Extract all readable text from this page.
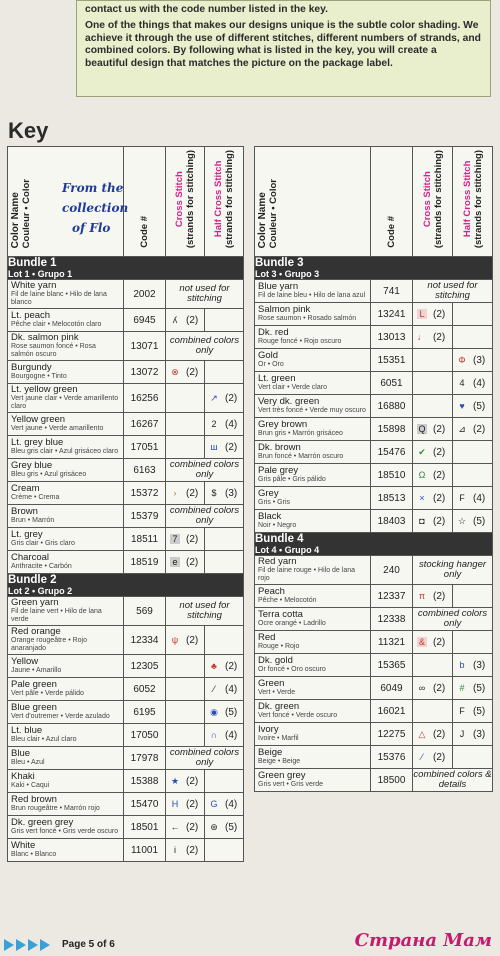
contact us with the code number listed in the key.

One of the things that makes our designs unique is the subtle color shading. We achieve it through the use of different stitches, different numbers of strands, and combined colors. By following what is listed in the key, you will create a beautiful design that matches the picture on the package label.

Key
Color Name
Couleur • Color	Code #	Cross Stitch
(strands for stitching)	Half Cross Stitch
(strands for stitching)
Bundle 1
Lot 1 • Grupo 1			

White yarn
Fil de laine blanc • Hilo de lana blanco	2002	not used for stitching	
Lt. peach
Pêche clair • Melocotón claro	6945	ʎ (2)	
Dk. salmon pink
Rose saumon foncé • Rosa salmón oscuro	13071	combined colors only	
Burgundy
Bourgogne • Tinto	13072	⊗ (2)	
Lt. yellow green
Vert jaune clair • Verde amarillento claro	16256		↗ (2)
Yellow green
Vert jaune • Verde amarillento	16267		2 (4)
Lt. grey blue
Bleu gris clair • Azul grisáceo claro	17051		ш (2)
Grey blue
Bleu gris • Azul grisáceo	6163	combined colors only	
Cream
Crème • Crema	15372	› (2)	$ (3)
Brown
Brun • Marrón	15379	combined colors only	
Lt. grey
Gris clair • Gris claro	18511	7 (2)	
Charcoal
Anthracite • Carbón	18519	e (2)	
Bundle 2
Lot 2 • Grupo 2			

Green yarn
Fil de laine vert • Hilo de lana verde	569	not used for stitching	
Red orange
Orange rougeâtre • Rojo anaranjado	12334	ψ (2)	
Yellow
Jaune • Amarillo	12305		♣ (2)
Pale green
Vert pâle • Verde pálido	6052		⁄ (4)
Blue green
Vert d'outremer • Verde azulado	6195		◉ (5)
Lt. blue
Bleu clair • Azul claro	17050		∩ (4)
Blue
Bleu • Azul	17978	combined colors only	
Khaki
Kaki • Caqui	15388	★ (2)	
Red brown
Brun rougeâtre • Marrón rojo	15470	H (2)	G (4)
Dk. green grey
Gris vert foncé • Gris verde oscuro	18501	← (2)	⊛ (5)
White
Blanc • Blanco	11001	i (2)	
From the collection
of Flo	Color Name
Couleur • Color	Code #	Cross Stitch
(strands for stitching)	Half Cross Stitch
(strands for stitching)
Bundle 3
Lot 3 • Grupo 3			

Blue yarn
Fil de laine bleu • Hilo de lana azul	741	not used for stitching	
Salmon pink
Rose saumon • Rosado salmón	13241	L (2)	
Dk. red
Rouge foncé • Rojo oscuro	13013	♩ (2)	
Gold
Or • Oro	15351		Φ (3)
Lt. green
Vert clair • Verde claro	6051		4 (4)
Very dk. green
Vert très foncé • Verde muy oscuro	16880		♥ (5)
Grey brown
Brun gris • Marrón grisáceo	15898	Q (2)	⊿ (2)
Dk. brown
Brun foncé • Marrón oscuro	15476	✔ (2)	
Pale grey
Gris pâle • Gris pálido	18510	Ω (2)	
Grey
Gris • Gris	18513	× (2)	F (4)
Black
Noir • Negro	18403	◘ (2)	☆ (5)
Bundle 4
Lot 4 • Grupo 4			

Red yarn
Fil de laine rouge • Hilo de lana rojo	240	stocking hanger only	
Peach
Pêche • Melocotón	12337	π (2)	
Terra cotta
Ocre orangé • Ladrillo	12338	combined colors only	
Red
Rouge • Rojo	11321	& (2)	
Dk. gold
Or foncé • Oro oscuro	15365		b (3)
Green
Vert • Verde	6049	∞ (2)	# (5)
Dk. green
Vert foncé • Verde oscuro	16021		F (5)
Ivory
Ivoire • Marfil	12275	△ (2)	J (3)
Beige
Beige • Beige	15376	⁄ (2)	
Green grey
Gris vert • Gris verde	18500	combined colors & details	
Page 5 of 6	Страна Мам
